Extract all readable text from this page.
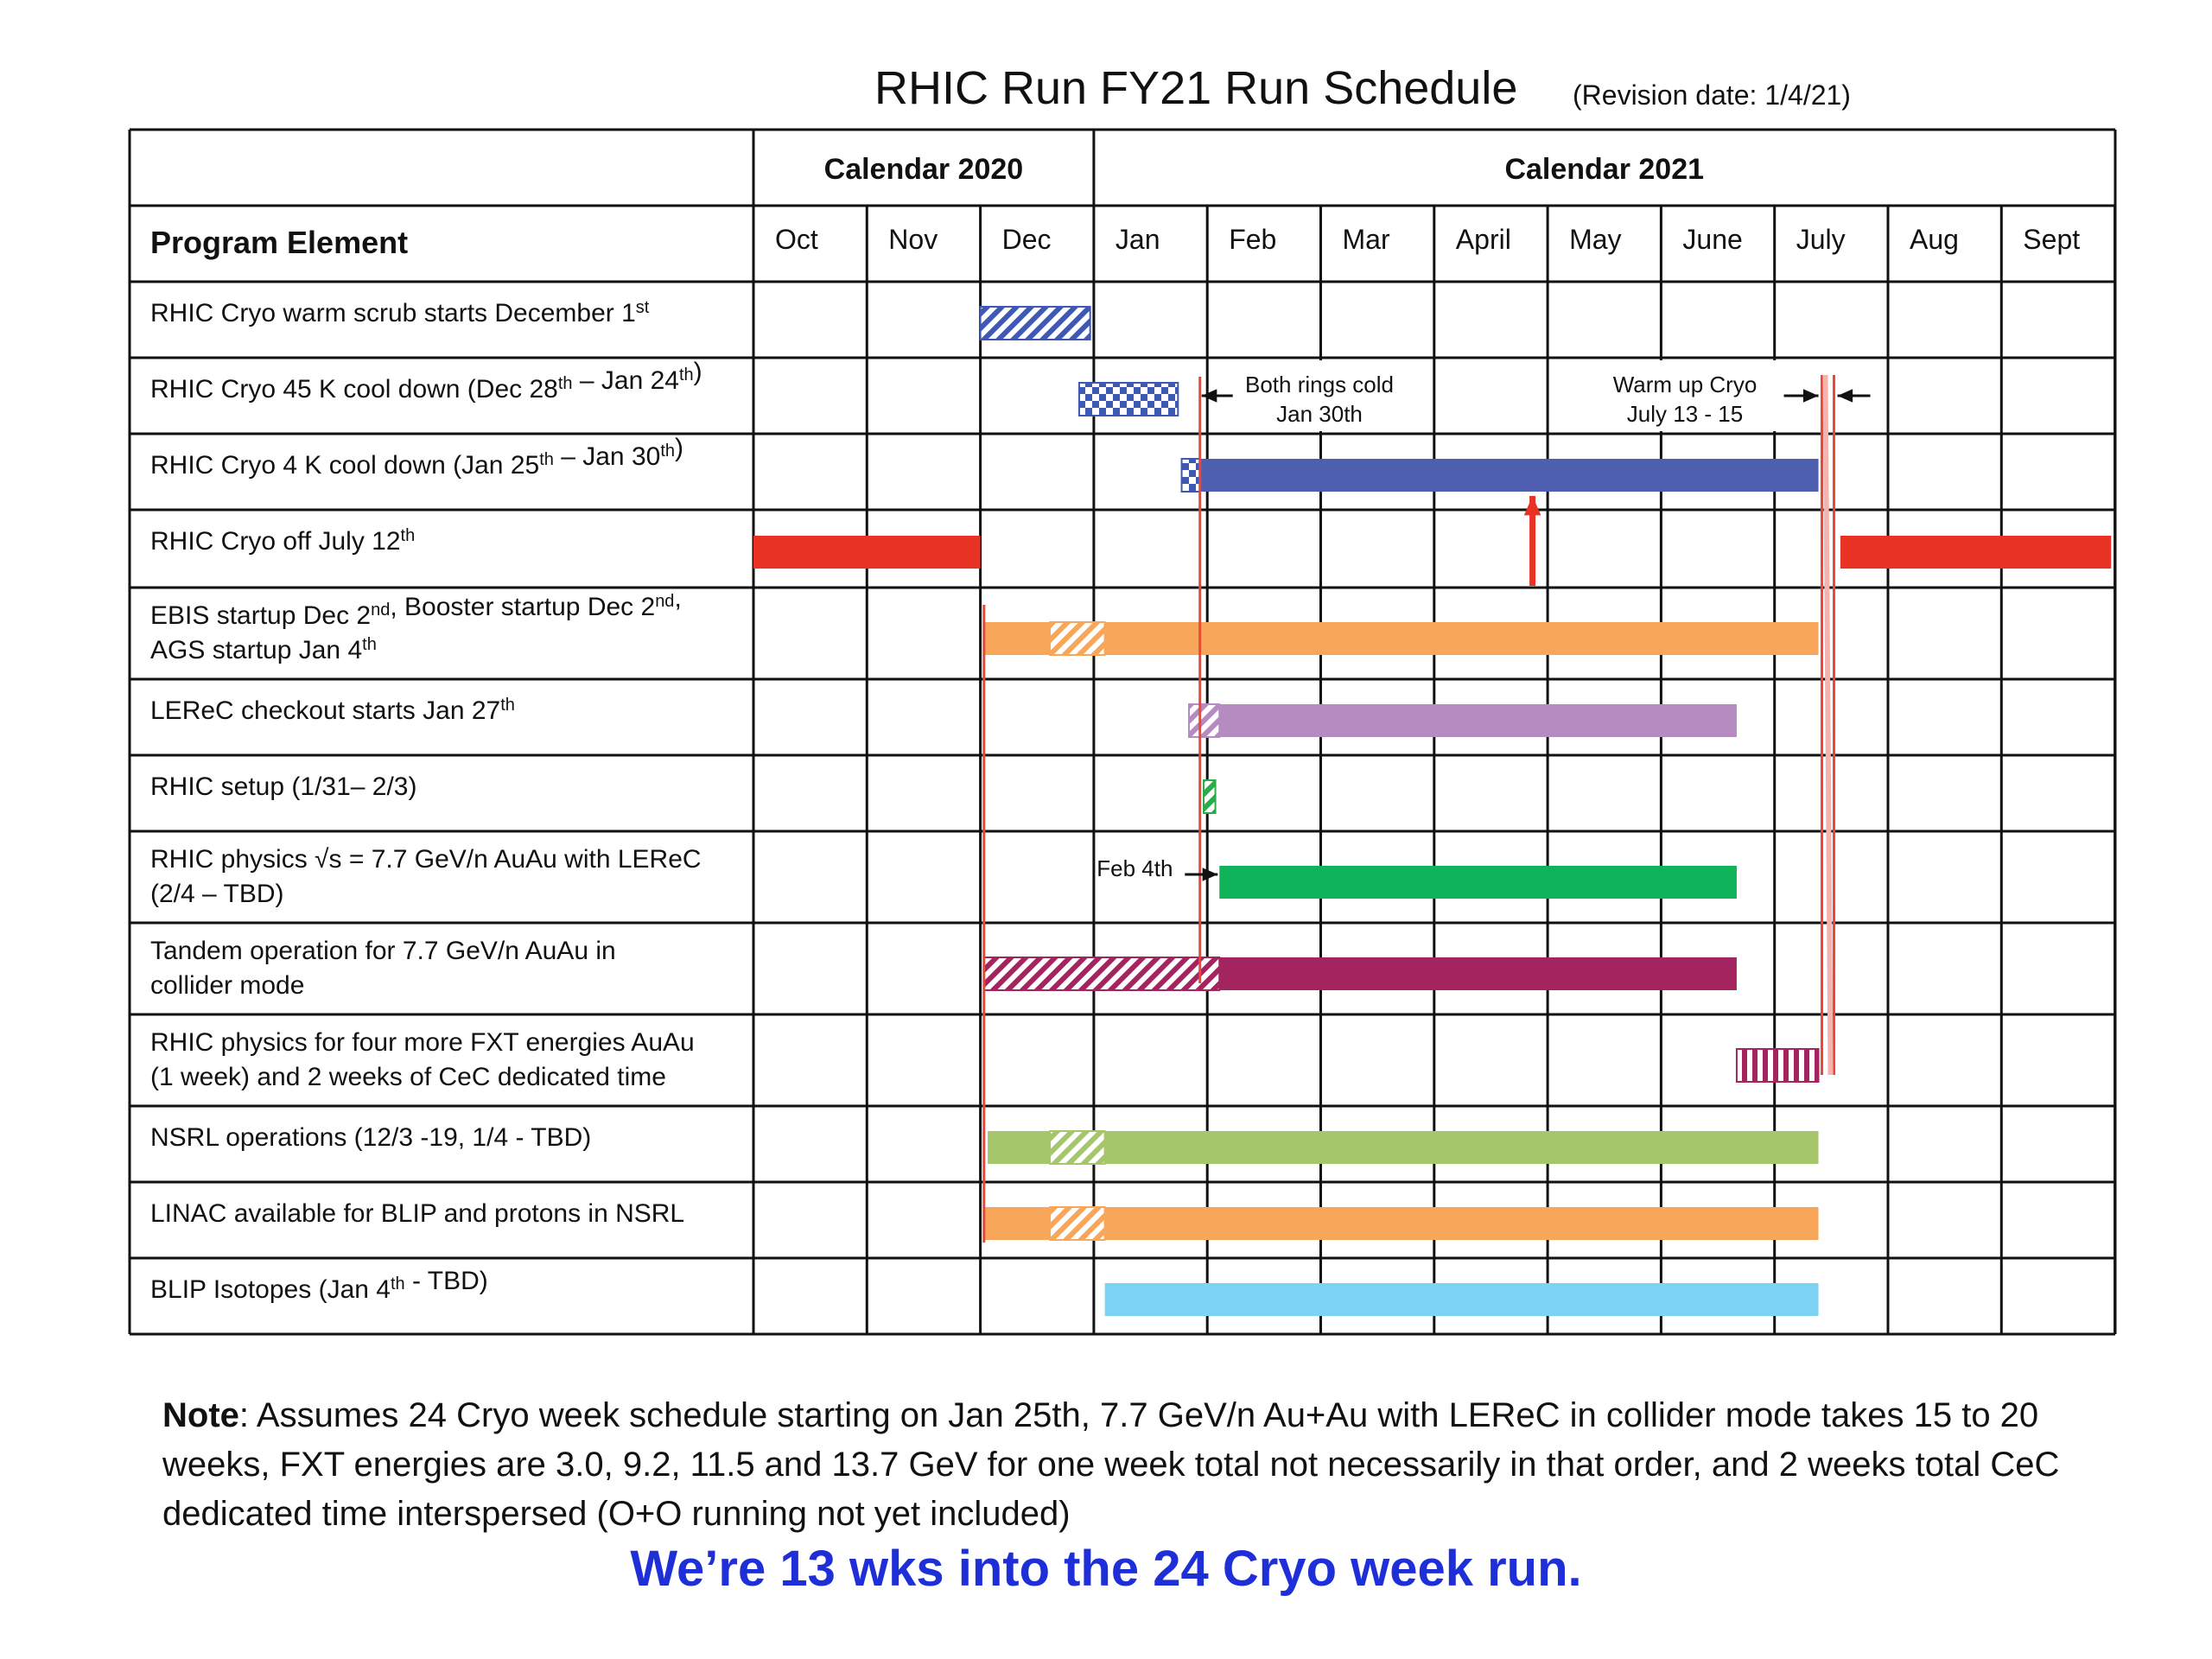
RHIC Run FY21 Run Schedule (Revision date: 1/4/21)
Calendar 2020	Calendar 2021
Program Element	Oct	Nov Dec Jan Feb Mar April May June July Aug Sept
RHIC Cryo warm scrub starts December 1st
RHIC Cryo 45 K cool down (Dec 28th – Jan 24th)
RHIC Cryo 4 K cool down (Jan 25th – Jan 30th)
RHIC Cryo off July 12th
EBIS startup Dec 2nd, Booster startup Dec 2nd,
AGS startup Jan 4th
LEReC checkout starts Jan 27th
RHIC setup (1/31– 2/3)
RHIC physics √s = 7.7 GeV/n AuAu with LEReC
(2/4 – TBD)
Tandem operation for 7.7 GeV/n AuAu in
collider mode
RHIC physics for four more FXT energies AuAu
(1 week) and 2 weeks of CeC dedicated time
NSRL operations (12/3 -19, 1/4 - TBD)
LINAC available for BLIP and protons in NSRL
BLIP Isotopes (Jan 4th - TBD)
Both rings cold
Jan 30th
Warm up Cryo
July 13 - 15
Feb 4th
Note: Assumes 24 Cryo week schedule starting on Jan 25th, 7.7 GeV/n Au+Au with LEReC in collider mode takes 15 to 20 weeks, FXT energies are 3.0, 9.2, 11.5 and 13.7 GeV for one week total not necessarily in that order, and 2 weeks total CeC dedicated time interspersed (O+O running not yet included)
We’re 13 wks into the 24 Cryo week run.
